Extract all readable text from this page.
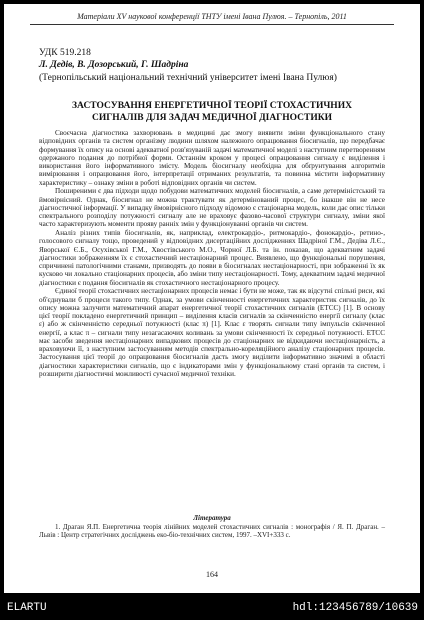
Матеріали XV наукової конференції ТНТУ імені Івана Пулюя. – Тернопіль, 2011
УДК 519.218
Л. Дедів, В. Дозорський, Г. Шадріна
(Тернопільський національний технічний університет імені Івана Пулюя)
ЗАСТОСУВАННЯ ЕНЕРГЕТИЧНОЇ ТЕОРІЇ СТОХАСТИЧНИХ
СИГНАЛІВ ДЛЯ ЗАДАЧ МЕДИЧНОЇ ДІАГНОСТИКИ

Своєчасна діагностика захворювань в медицині дає змогу виявити зміни функціонального стану відповідних органів та систем організму людини шляхом належного опрацювання біосигналів, що передбачає формування їх опису на основі адекватної розв'язуваній задачі математичної моделі з наступним перетворенням одержаного подання до потрібної форми. Останнім кроком у процесі опрацювання сигналу є виділення і використання його інформативного змісту. Модель біосигналу необхідна для обґрунтування алгоритмів вимірювання і опрацювання його, інтерпретації отриманих результатів, та повинна містити інформативну характеристику – ознаку зміни в роботі відповідних органів чи систем.

Поширеними є два підходи щодо побудови математичних моделей біосигналів, а саме детерміністський та ймовірнісний. Однак, біосигнал не можна трактувати як детермінований процес, бо інакше він не несе діагностичної інформації. У випадку ймовірнісного підходу відомою є стаціонарна модель, коли дає опис тільки спектрального розподілу потужності сигналу але не враховує фазово-часової структури сигналу, зміни якої часто характеризують моменти прояву ранніх змін у функціонуванні органів чи систем.

Аналіз різних типів біосигналів, як, наприклад, електрокардіо-, ритмокардіо-, фонокардіо-, ретино-, голосового сигналу тощо, проведений у відповідних дисертаційних дослідженнях Шадріної Г.М., Дедіва Л.Є., Яворської Є.Б., Осухівської Г.М., Хвостівського М.О., Чорної Л.Б. та ін. показав, що адекватним задачі діагностики зображенням їх є стохастичний нестаціонарний процес. Виявлено, що функціональні порушення, спричинені патологічними станами, призводять до появи в біосигналах нестаціонарності, при зображенні їх як кусково чи локально стаціонарних процесів, або зміни типу нестаціонарності. Тому, адекватним задачі медичної діагностики є подання біосигналів як стохастичного нестаціонарного процесу.

Єдиної теорії стохастичних нестаціонарних процесів немає і бути не може, так як відсутні спільні риси, які об'єднували б процеси такого типу. Однак, за умови скінченності енергетичних характеристик сигналів, до їх опису можна залучити математичний апарат енергетичної теорії стохастичних сигналів (ЕТСС) [1]. В основу цієї теорії покладено енергетичний принцип – виділення класів сигналів за скінченністю енергії сигналу (клас ε) або ж скінченністю середньої потужності (клас π) [1]. Клас ε творять сигнали типу імпульсів скінченної енергії, а клас π – сигнали типу незагасаючих коливань за умови скінченності їх середньої потужності. ЕТСС має засоби зведення нестаціонарних випадкових процесів до стаціонарних не відкидаючи нестаціонарність, а враховуючи її, з наступним застосуванням методів спектрально-кореляційного аналізу стаціонарних процесів. Застосування цієї теорії до опрацювання біосигналів дасть змогу виділити інформативно значимі в області діагностики характеристики сигналів, що є індикаторами змін у функціональному стані органів та систем, і розширити діагностичні можливості сучасної медичної техніки.

Література
1. Драган Я.П. Енергетична теорія лінійних моделей стохастичних сигналів : монографія / Я. П. Драган. – Львів : Центр стратегічних досліджень еко-біо-технічних систем, 1997. –XVI+333 с.
164
ELARTU	hdl:123456789/10639
